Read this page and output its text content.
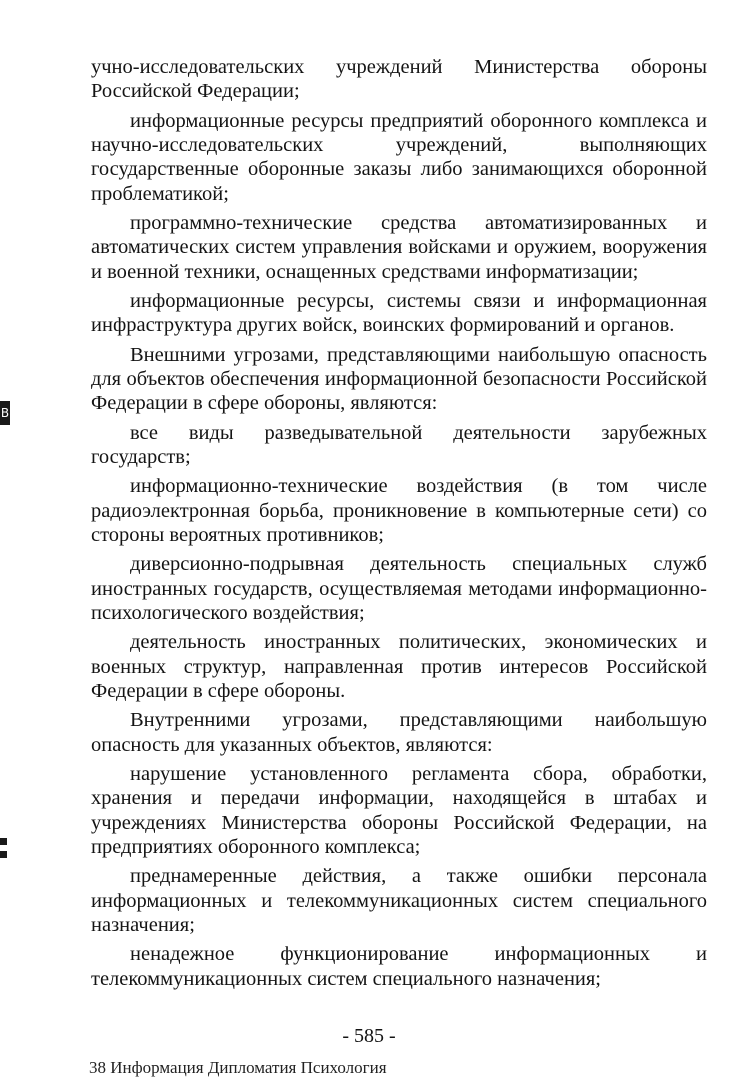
учно-исследовательских учреждений Министерства обороны Российской Федерации;

информационные ресурсы предприятий оборонного комплекса и научно-исследовательских учреждений, выполняющих государственные оборонные заказы либо занимающихся оборонной проблематикой;

программно-технические средства автоматизированных и автоматических систем управления войсками и оружием, вооружения и военной техники, оснащенных средствами информатизации;

информационные ресурсы, системы связи и информационная инфраструктура других войск, воинских формирований и органов.

Внешними угрозами, представляющими наибольшую опасность для объектов обеспечения информационной безопасности Российской Федерации в сфере обороны, являются:

все виды разведывательной деятельности зарубежных государств;

информационно-технические воздействия (в том числе радиоэлектронная борьба, проникновение в компьютерные сети) со стороны вероятных противников;

диверсионно-подрывная деятельность специальных служб иностранных государств, осуществляемая методами информационно-психологического воздействия;

деятельность иностранных политических, экономических и военных структур, направленная против интересов Российской Федерации в сфере обороны.

Внутренними угрозами, представляющими наибольшую опасность для указанных объектов, являются:

нарушение установленного регламента сбора, обработки, хранения и передачи информации, находящейся в штабах и учреждениях Министерства обороны Российской Федерации, на предприятиях оборонного комплекса;

преднамеренные действия, а также ошибки персонала информационных и телекоммуникационных систем специального назначения;

ненадежное функционирование информационных и телекоммуникационных систем специального назначения;

В
- 585 -
38 Информация Дипломатия Психология
